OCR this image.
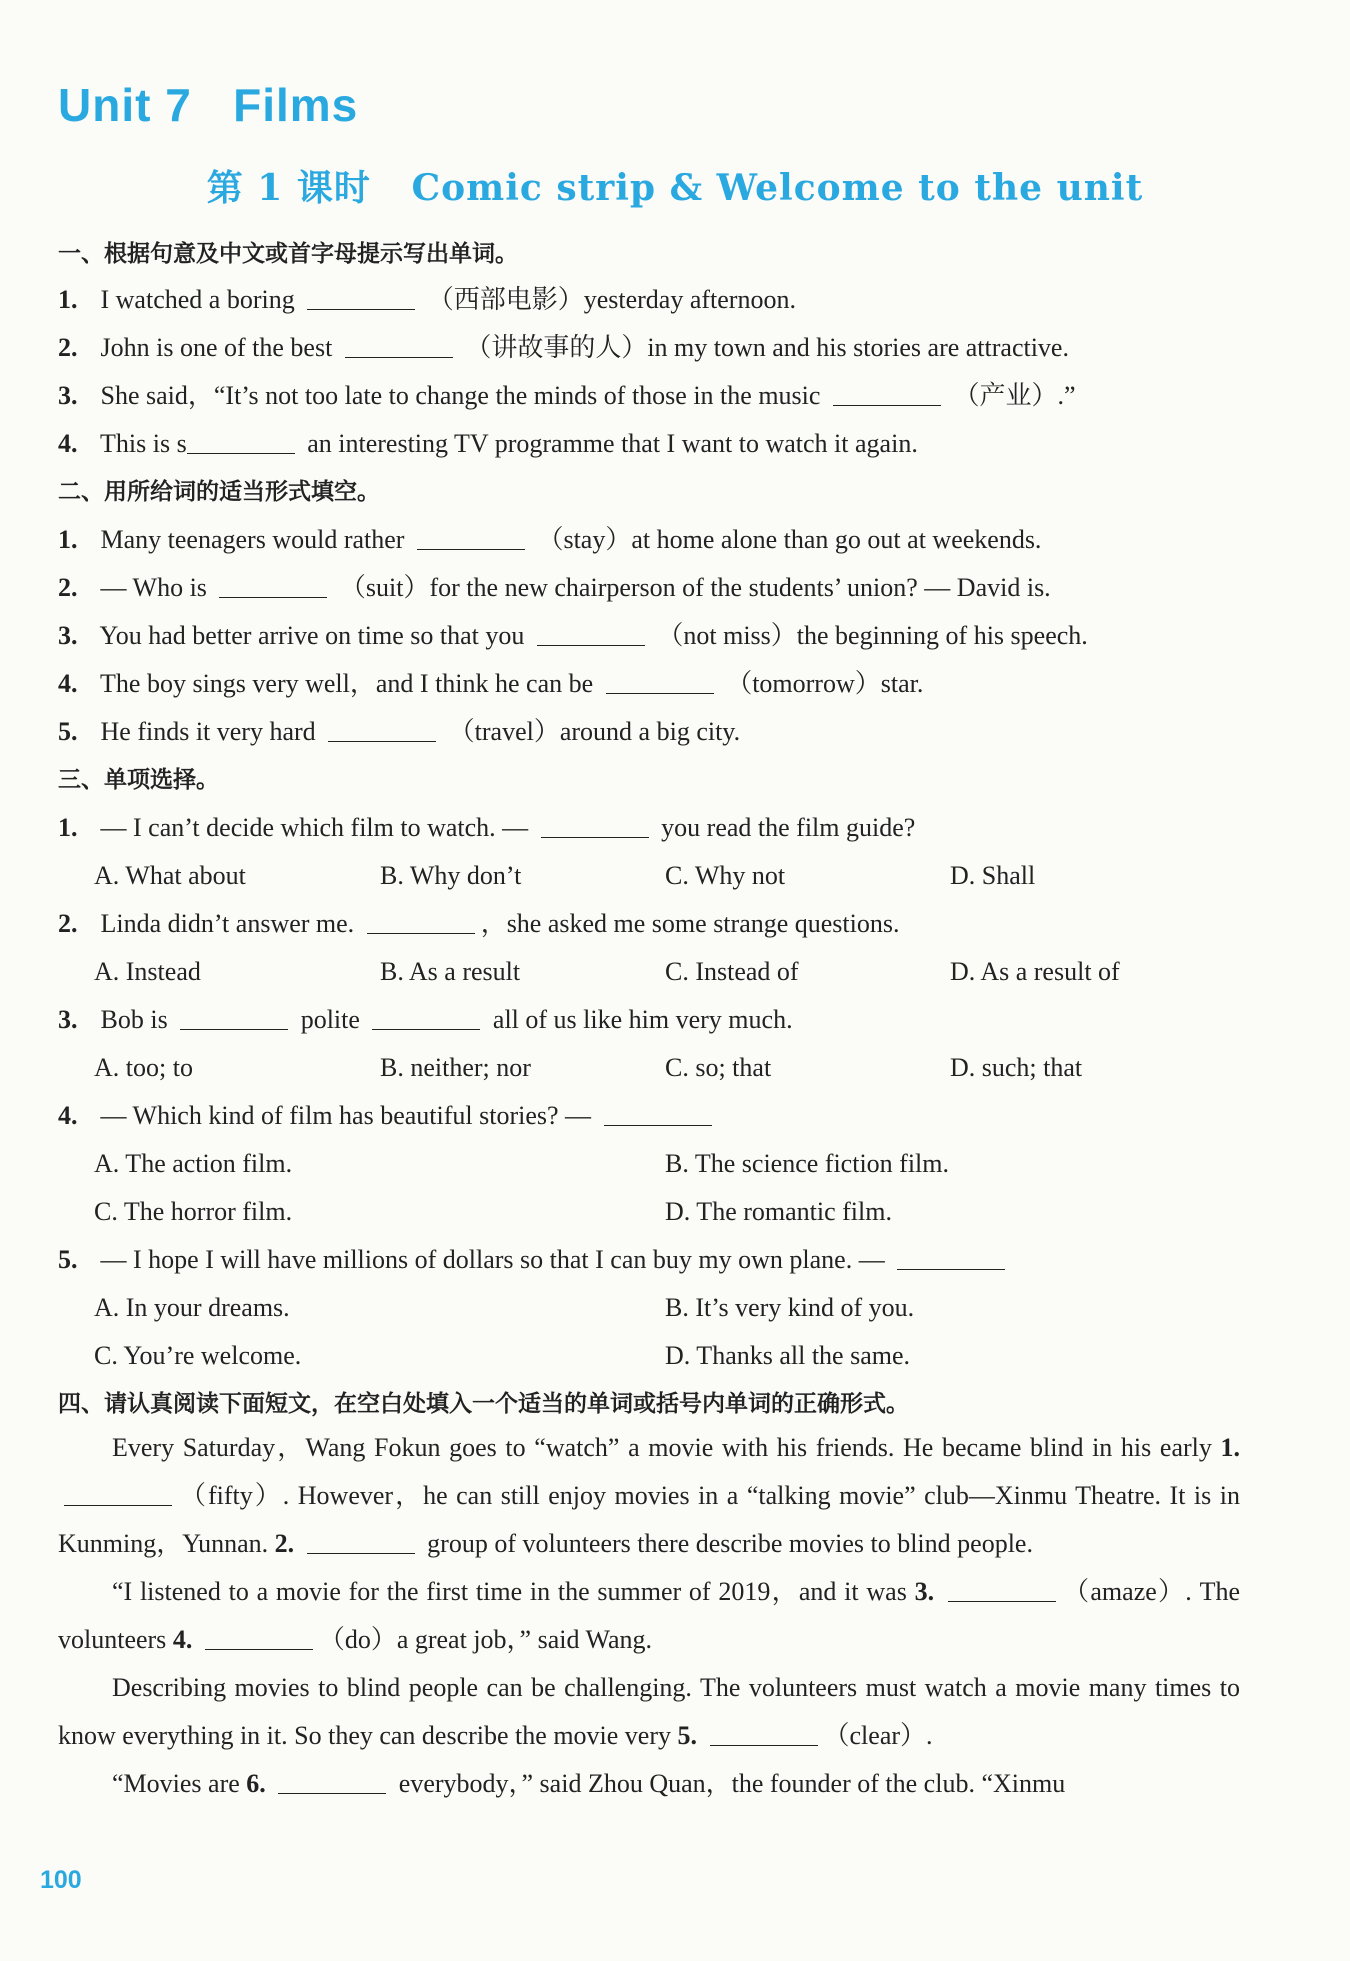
Unit 7   Films
第 1 课时   Comic strip & Welcome to the unit
一、根据句意及中文或首字母提示写出单词。
1. I watched a boring	（西部电影）yesterday afternoon.
2. John is one of the best	（讲故事的人）in my town and his stories are attractive.
3. She said，“It’s not too late to change the minds of those in the music	（产业）.”
4. This is s	an interesting TV programme that I want to watch it again.
二、用所给词的适当形式填空。
1. Many teenagers would rather	（stay）at home alone than go out at weekends.
2. — Who is	（suit）for the new chairperson of the students’ union? — David is.
3. You had better arrive on time so that you	（not miss）the beginning of his speech.
4. The boy sings very well，and I think he can be	（tomorrow）star.
5. He finds it very hard	（travel）around a big city.
三、单项选择。
1. — I can’t decide which film to watch. —	you read the film guide?
A. What about	B. Why don’t	C. Why not	D. Shall
2. Linda didn’t answer me.	，she asked me some strange questions.
A. Instead	B. As a result	C. Instead of	D. As a result of
3. Bob is	polite	all of us like him very much.
A. too; to	B. neither; nor	C. so; that	D. such; that
4. — Which kind of film has beautiful stories? —
A. The action film.	B. The science fiction film.
C. The horror film.	D. The romantic film.
5. — I hope I will have millions of dollars so that I can buy my own plane. —
A. In your dreams.	B. It’s very kind of you.
C. You’re welcome.	D. Thanks all the same.
四、请认真阅读下面短文，在空白处填入一个适当的单词或括号内单词的正确形式。

Every Saturday，Wang Fokun goes to “watch” a movie with his friends. He became blind in his early 1. （fifty）. However，he can still enjoy movies in a “talking movie” club—Xinmu Theatre. It is in Kunming，Yunnan. 2.	group of volunteers there describe movies to blind people.

“I listened to a movie for the first time in the summer of 2019，and it was 3.	（amaze）. The volunteers 4.	（do）a great job，” said Wang.

Describing movies to blind people can be challenging. The volunteers must watch a movie many times to know everything in it. So they can describe the movie very 5.	（clear）.

“Movies are 6.	everybody，” said Zhou Quan，the founder of the club. “Xinmu

100
